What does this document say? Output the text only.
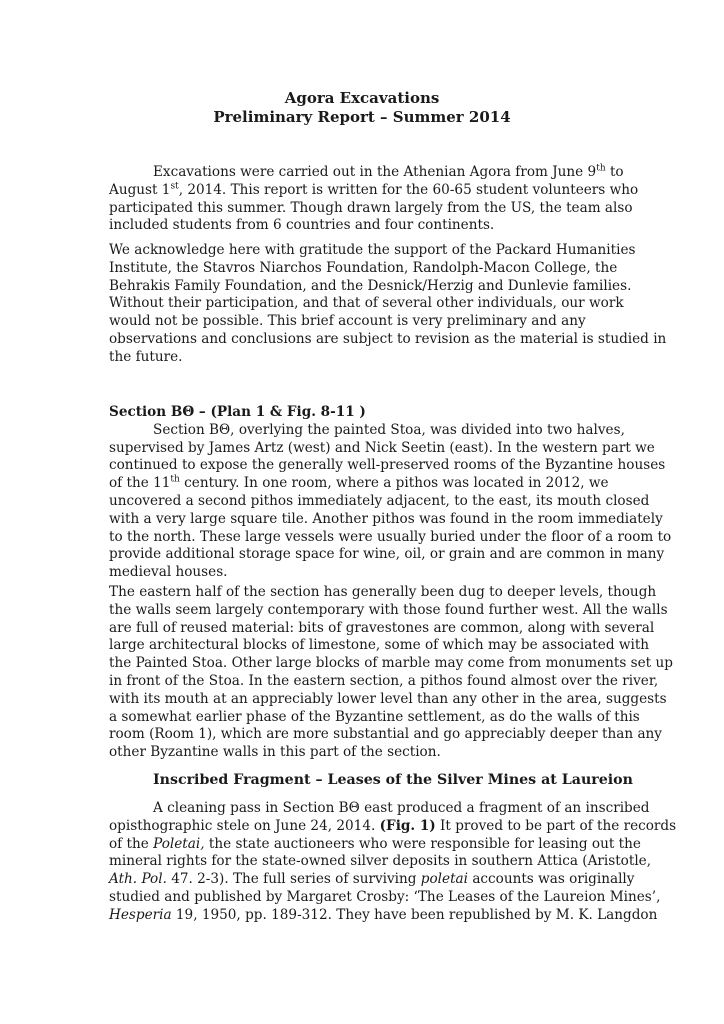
Agora Excavations
Preliminary Report – Summer 2014
Excavations were carried out in the Athenian Agora from June 9th to
August 1st, 2014. This report is written for the 60-65 student volunteers who
participated this summer. Though drawn largely from the US, the team also
included students from 6 countries and four continents.
We acknowledge here with gratitude the support of the Packard Humanities
Institute, the Stavros Niarchos Foundation, Randolph-Macon College, the
Behrakis Family Foundation, and the Desnick/Herzig and Dunlevie families.
Without their participation, and that of several other individuals, our work
would not be possible. This brief account is very preliminary and any
observations and conclusions are subject to revision as the material is studied in
the future.
Section BΘ – (Plan 1 & Fig. 8-11 )
Section BΘ, overlying the painted Stoa, was divided into two halves,
supervised by James Artz (west) and Nick Seetin (east). In the western part we
continued to expose the generally well-preserved rooms of the Byzantine houses
of the 11th century. In one room, where a pithos was located in 2012, we
uncovered a second pithos immediately adjacent, to the east, its mouth closed
with a very large square tile. Another pithos was found in the room immediately
to the north. These large vessels were usually buried under the floor of a room to
provide additional storage space for wine, oil, or grain and are common in many
medieval houses.
The eastern half of the section has generally been dug to deeper levels, though
the walls seem largely contemporary with those found further west. All the walls
are full of reused material: bits of gravestones are common, along with several
large architectural blocks of limestone, some of which may be associated with
the Painted Stoa. Other large blocks of marble may come from monuments set up
in front of the Stoa. In the eastern section, a pithos found almost over the river,
with its mouth at an appreciably lower level than any other in the area, suggests
a somewhat earlier phase of the Byzantine settlement, as do the walls of this
room (Room 1), which are more substantial and go appreciably deeper than any
other Byzantine walls in this part of the section.
Inscribed Fragment – Leases of the Silver Mines at Laureion
A cleaning pass in Section BΘ east produced a fragment of an inscribed
opisthographic stele on June 24, 2014. (Fig. 1) It proved to be part of the records
of the Poletai, the state auctioneers who were responsible for leasing out the
mineral rights for the state-owned silver deposits in southern Attica (Aristotle,
Ath. Pol. 47. 2-3). The full series of surviving poletai accounts was originally
studied and published by Margaret Crosby: ‘The Leases of the Laureion Mines’,
Hesperia 19, 1950, pp. 189-312. They have been republished by M. K. Langdon
